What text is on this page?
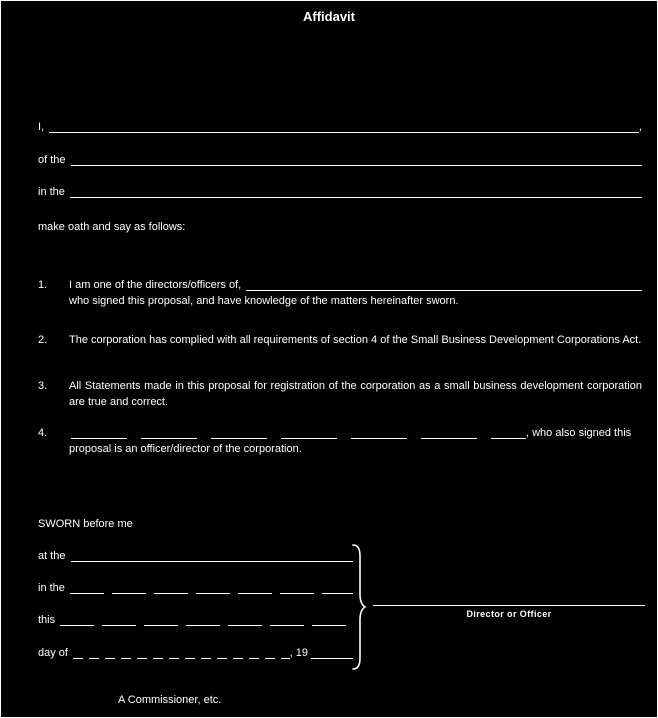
Affidavit
I,	,
of the
in the
make oath and say as follows:
1.	I am one of the directors/officers of,
who signed this proposal, and have knowledge of the matters hereinafter sworn.
2.	The corporation has complied with all requirements of section 4 of the Small Business Development Corporations Act.
3.	All Statements made in this proposal for registration of the corporation as a small business development corporation are true and correct.
4.	, who also signed this
proposal is an officer/director of the corporation.
SWORN before me
at the
in the
this
day of	, 19
Director or Officer
A Commissioner, etc.
